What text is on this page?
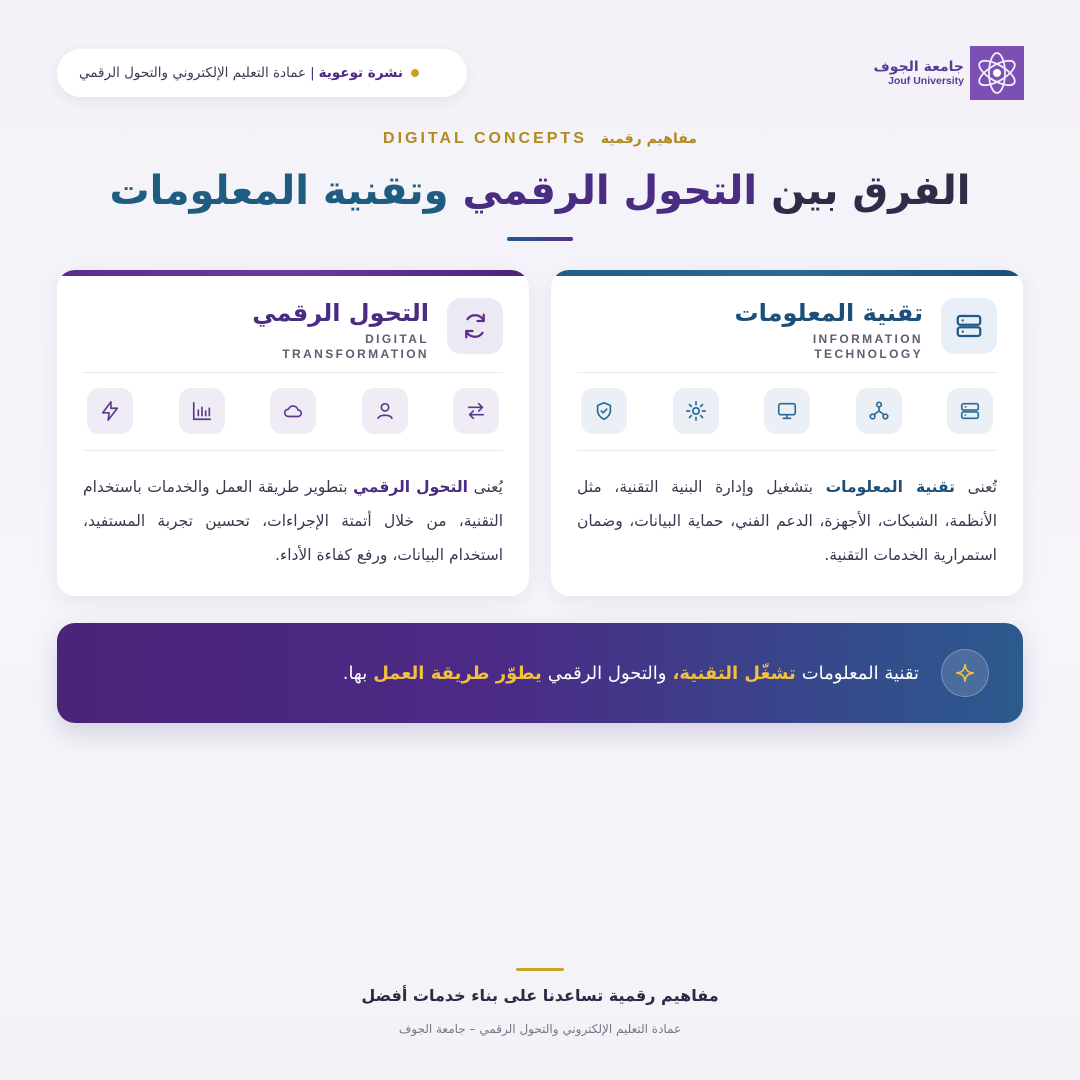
نشرة توعوية
|
عمادة التعليم الإلكتروني والتحول الرقمي	جامعة الجوف
Jouf University
DIGITAL CONCEPTS مفاهيم رقمية
الفرق بين التحول الرقمي وتقنية المعلومات
تقنية المعلومات
INFORMATION
TECHNOLOGY
تُعنى تقنية المعلومات بتشغيل وإدارة البنية التقنية، مثل الأنظمة، الشبكات، الأجهزة، الدعم الفني، حماية البيانات، وضمان استمرارية الخدمات التقنية.
التحول الرقمي
DIGITAL
TRANSFORMATION
يُعنى التحول الرقمي بتطوير طريقة العمل والخدمات باستخدام التقنية، من خلال أتمتة الإجراءات، تحسين تجربة المستفيد، استخدام البيانات، ورفع كفاءة الأداء.
تقنية المعلومات
تشغّل التقنية،
والتحول الرقمي
يطوّر طريقة العمل
بها.
مفاهيم رقمية تساعدنا على بناء خدمات أفضل
عمادة التعليم الإلكتروني والتحول الرقمي – جامعة الجوف
